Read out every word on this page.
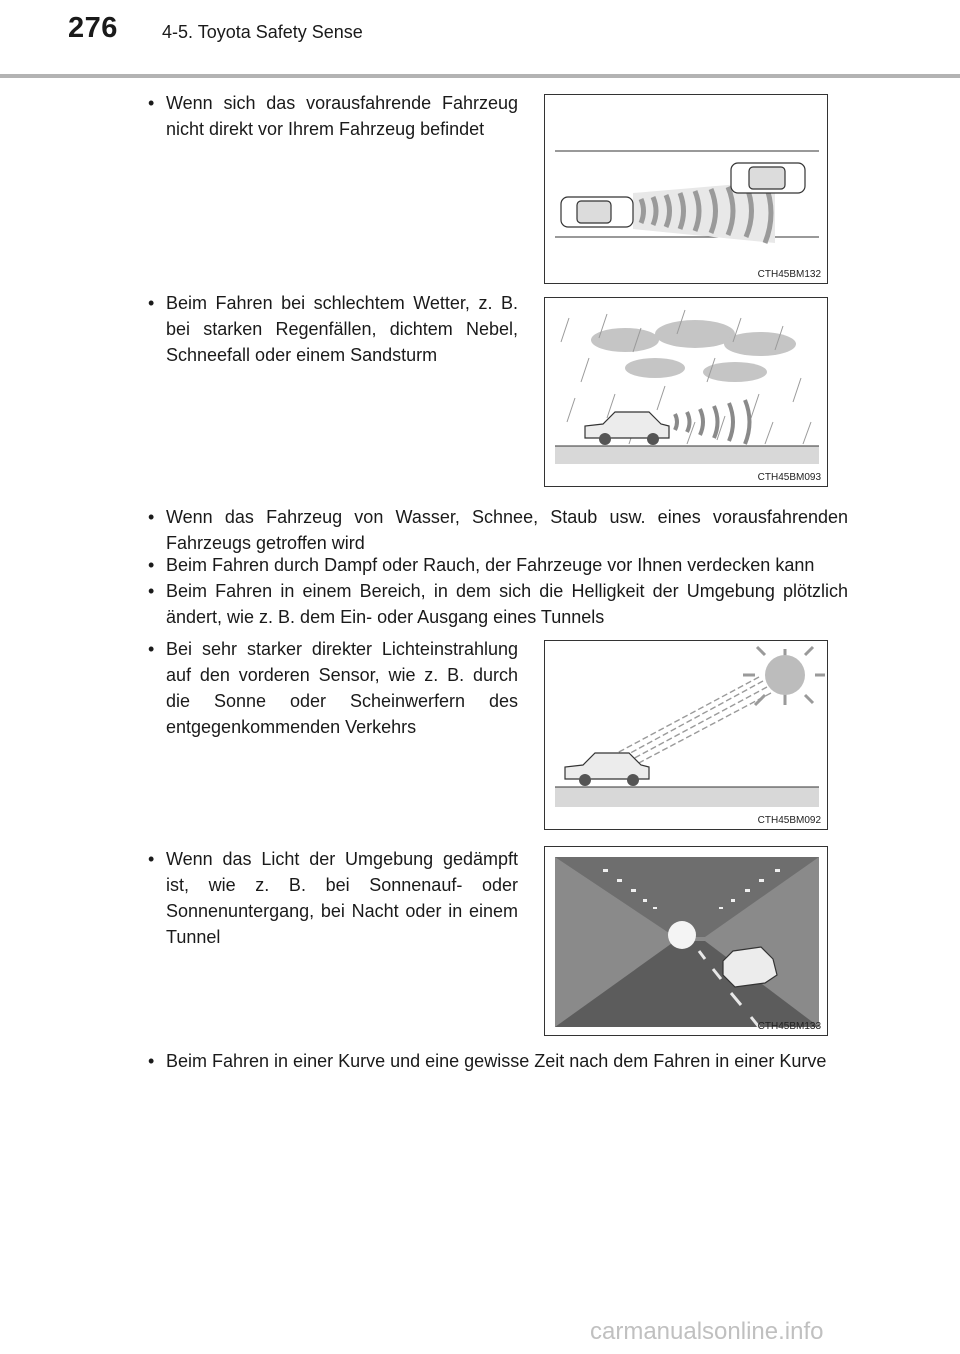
276 4-5. Toyota Safety Sense
• Wenn sich das vorausfahrende Fahrzeug nicht direkt vor Ihrem Fahrzeug befindet
CTH45BM132
• Beim Fahren bei schlechtem Wetter, z. B. bei starken Regenfällen, dichtem Nebel, Schneefall oder einem Sandsturm
CTH45BM093
• Wenn das Fahrzeug von Wasser, Schnee, Staub usw. eines vorausfahrenden Fahrzeugs getroffen wird
• Beim Fahren durch Dampf oder Rauch, der Fahrzeuge vor Ihnen verdecken kann
• Beim Fahren in einem Bereich, in dem sich die Helligkeit der Umgebung plötzlich ändert, wie z. B. dem Ein- oder Ausgang eines Tunnels
• Bei sehr starker direkter Lichteinstrahlung auf den vorderen Sensor, wie z. B. durch die Sonne oder Scheinwerfern des entgegenkommenden Verkehrs
CTH45BM092
• Wenn das Licht der Umgebung gedämpft ist, wie z. B. bei Sonnenauf- oder Sonnenuntergang, bei Nacht oder in einem Tunnel
CTH45BM133
• Beim Fahren in einer Kurve und eine gewisse Zeit nach dem Fahren in einer Kurve
carmanualsonline.info
